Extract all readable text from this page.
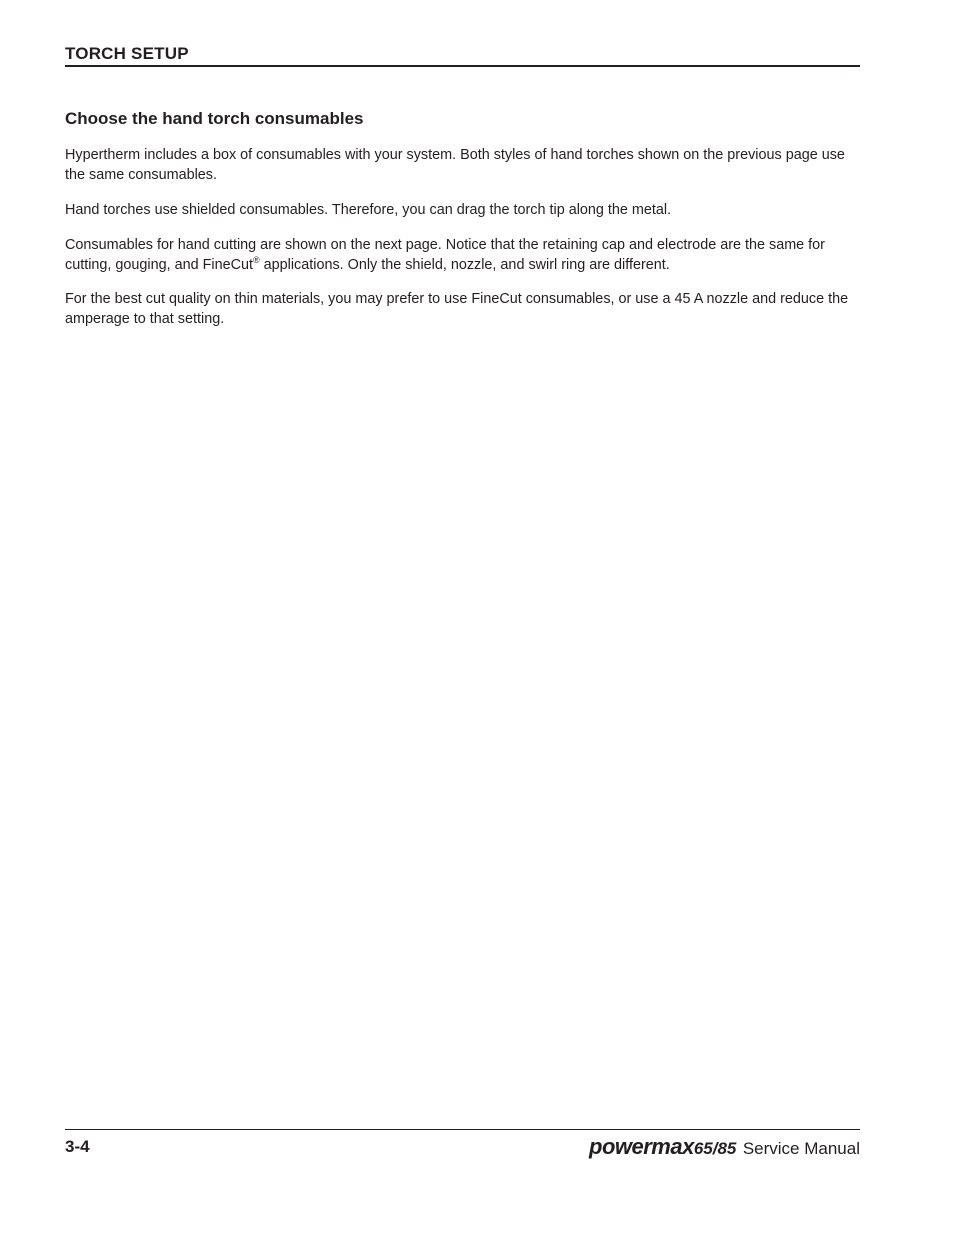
TORCH SETUP
Choose the hand torch consumables
Hypertherm includes a box of consumables with your system. Both styles of hand torches shown on the previous page use the same consumables.
Hand torches use shielded consumables. Therefore, you can drag the torch tip along the metal.
Consumables for hand cutting are shown on the next page. Notice that the retaining cap and electrode are the same for cutting, gouging, and FineCut® applications. Only the shield, nozzle, and swirl ring are different.
For the best cut quality on thin materials, you may prefer to use FineCut consumables, or use a 45 A nozzle and reduce the amperage to that setting.
3-4	powermax65/85 Service Manual
